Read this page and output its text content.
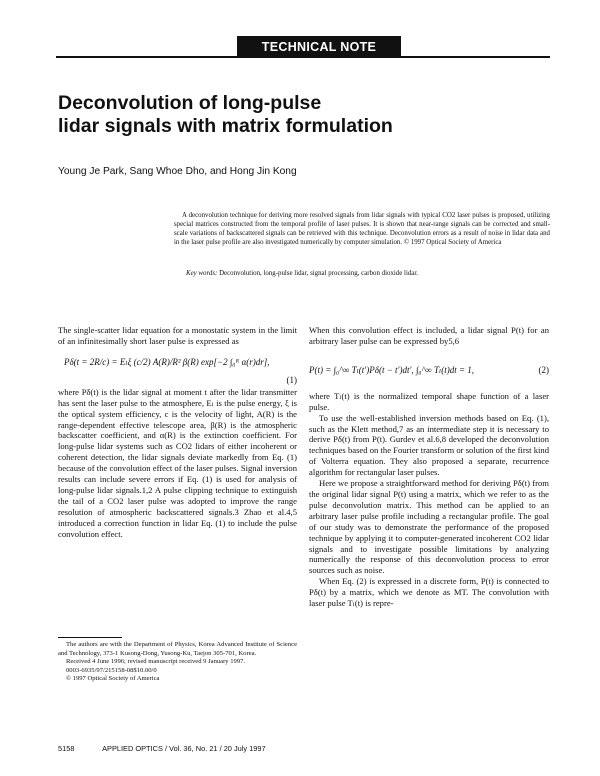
TECHNICAL NOTE
Deconvolution of long-pulse
lidar signals with matrix formulation
Young Je Park, Sang Whoe Dho, and Hong Jin Kong

A deconvolution technique for deriving more resolved signals from lidar signals with typical CO2 laser pulses is proposed, utilizing special matrices constructed from the temporal profile of laser pulses. It is shown that near-range signals can be corrected and small-scale variations of backscattered signals can be retrieved with this technique. Deconvolution errors as a result of noise in lidar data and in the laser pulse profile are also investigated numerically by computer simulation. © 1997 Optical Society of America

Key words: Deconvolution, long-pulse lidar, signal processing, carbon dioxide lidar.

The single-scatter lidar equation for a monostatic system in the limit of an infinitesimally short laser pulse is expressed as

Pδ(t = 2R/c) = Eₗξ (c/2) A(R)/R² β(R) exp[−2 ∫₀ᴿ α(r)dr],
(1)

where Pδ(t) is the lidar signal at moment t after the lidar transmitter has sent the laser pulse to the atmosphere, Eₗ is the pulse energy, ξ is the optical system efficiency, c is the velocity of light, A(R) is the range-dependent effective telescope area, β(R) is the atmospheric backscatter coefficient, and α(R) is the extinction coefficient. For long-pulse lidar systems such as CO2 lidars of either incoherent or coherent detection, the lidar signals deviate markedly from Eq. (1) because of the convolution effect of the laser pulses. Signal inversion results can include severe errors if Eq. (1) is used for analysis of long-pulse lidar signals.1,2 A pulse clipping technique to extinguish the tail of a CO2 laser pulse was adopted to improve the range resolution of atmospheric backscattered signals.3 Zhao et al.4,5 introduced a correction function in lidar Eq. (1) to include the pulse convolution effect.

When this convolution effect is included, a lidar signal P(t) for an arbitrary laser pulse can be expressed by5,6

P(t) = ∫₀^∞ Tₗ(t′)Pδ(t − t′)dt′, ∫₀^∞ Tₗ(t)dt = 1,	(2)

where Tₗ(t) is the normalized temporal shape function of a laser pulse.

To use the well-established inversion methods based on Eq. (1), such as the Klett method,7 as an intermediate step it is necessary to derive Pδ(t) from P(t). Gurdev et al.6,8 developed the deconvolution techniques based on the Fourier transform or solution of the first kind of Volterra equation. They also proposed a separate, recurrence algorithm for rectangular laser pulses.

Here we propose a straightforward method for deriving Pδ(t) from the original lidar signal P(t) using a matrix, which we refer to as the pulse deconvolution matrix. This method can be applied to an arbitrary laser pulse profile including a rectangular profile. The goal of our study was to demonstrate the performance of the proposed technique by applying it to computer-generated incoherent CO2 lidar signals and to investigate possible limitations by analyzing numerically the response of this deconvolution process to error sources such as noise.

When Eq. (2) is expressed in a discrete form, P(t) is connected to Pδ(t) by a matrix, which we denote as MT. The convolution with laser pulse Tₗ(t) is repre-

The authors are with the Department of Physics, Korea Advanced Institute of Science and Technology, 373-1 Kusong-Dong, Yusong-Ku, Taejon 305-701, Korea.

Received 4 June 1996; revised manuscript received 9 January 1997.

0003-6935/97/215158-08$10.00/0

© 1997 Optical Society of America

5158	APPLIED OPTICS / Vol. 36, No. 21 / 20 July 1997
